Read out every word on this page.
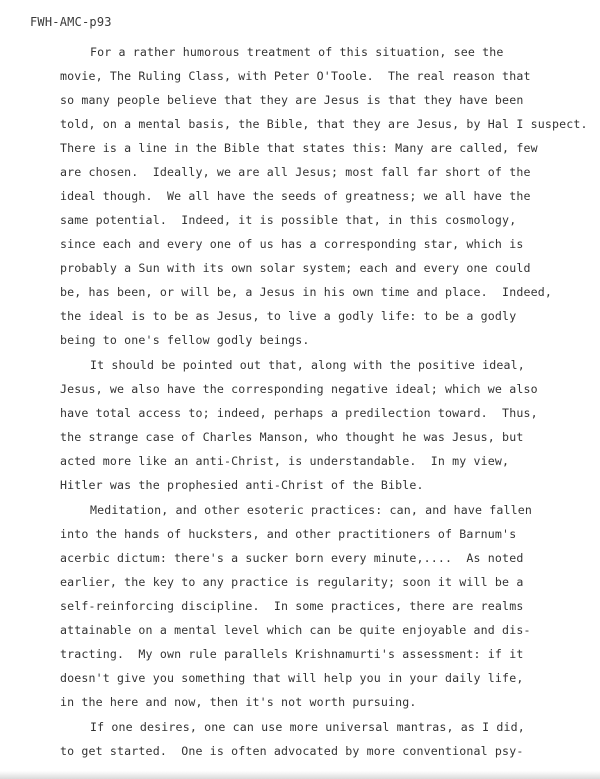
FWH-AMC-p93
For a rather humorous treatment of this situation, see the
movie, The Ruling Class, with Peter O'Toole.  The real reason that
so many people believe that they are Jesus is that they have been
told, on a mental basis, the Bible, that they are Jesus, by Hal I suspect.
There is a line in the Bible that states this: Many are called, few
are chosen.  Ideally, we are all Jesus; most fall far short of the
ideal though.  We all have the seeds of greatness; we all have the
same potential.  Indeed, it is possible that, in this cosmology,
since each and every one of us has a corresponding star, which is
probably a Sun with its own solar system; each and every one could
be, has been, or will be, a Jesus in his own time and place.  Indeed,
the ideal is to be as Jesus, to live a godly life: to be a godly
being to one's fellow godly beings.
It should be pointed out that, along with the positive ideal,
Jesus, we also have the corresponding negative ideal; which we also
have total access to; indeed, perhaps a predilection toward.  Thus,
the strange case of Charles Manson, who thought he was Jesus, but
acted more like an anti-Christ, is understandable.  In my view,
Hitler was the prophesied anti-Christ of the Bible.
Meditation, and other esoteric practices: can, and have fallen
into the hands of hucksters, and other practitioners of Barnum's
acerbic dictum: there's a sucker born every minute,....  As noted
earlier, the key to any practice is regularity; soon it will be a
self-reinforcing discipline.  In some practices, there are realms
attainable on a mental level which can be quite enjoyable and dis-
tracting.  My own rule parallels Krishnamurti's assessment: if it
doesn't give you something that will help you in your daily life,
in the here and now, then it's not worth pursuing.
If one desires, one can use more universal mantras, as I did,
to get started.  One is often advocated by more conventional psy-
